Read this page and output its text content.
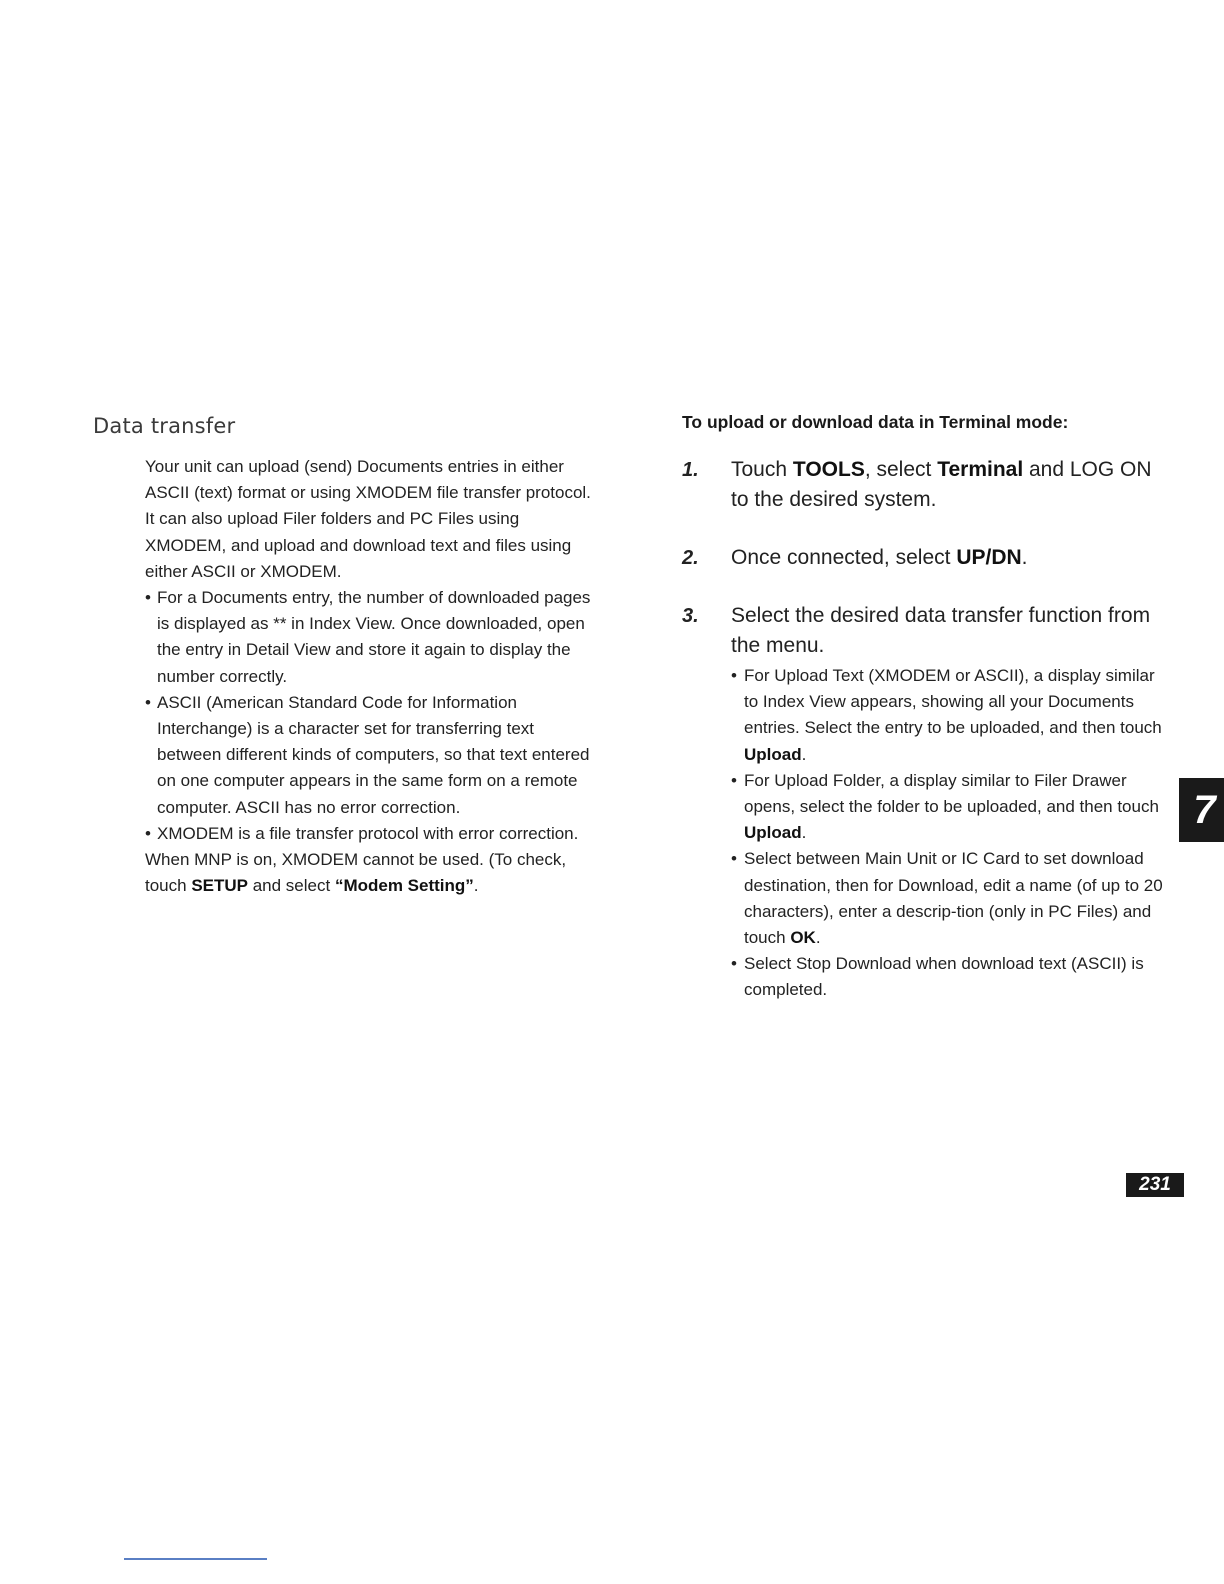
Data transfer

Your unit can upload (send) Documents entries in either ASCII (text) format or using XMODEM file transfer protocol. It can also upload Filer folders and PC Files using XMODEM, and upload and download text and files using either ASCII or XMODEM.

• For a Documents entry, the number of downloaded pages is displayed as ** in Index View. Once downloaded, open the entry in Detail View and store it again to display the number correctly.
• ASCII (American Standard Code for Information Interchange) is a character set for transferring text between different kinds of computers, so that text entered on one computer appears in the same form on a remote computer. ASCII has no error correction.
• XMODEM is a file transfer protocol with error correction.

When MNP is on, XMODEM cannot be used. (To check, touch SETUP and select “Modem Setting”.

To upload or download data in Terminal mode:
1.	Touch TOOLS, select Terminal and LOG ON to the desired system.
2.	Once connected, select UP/DN.
3.	Select the desired data transfer function from the menu.
• For Upload Text (XMODEM or ASCII), a display similar to Index View appears, showing all your Documents entries. Select the entry to be uploaded, and then touch Upload.
• For Upload Folder, a display similar to Filer Drawer opens, select the folder to be uploaded, and then touch Upload.
• Select between Main Unit or IC Card to set download destination, then for Download, edit a name (of up to 20 characters), enter a descrip-tion (only in PC Files) and touch OK.
• Select Stop Download when download text (ASCII) is completed.
7
231
